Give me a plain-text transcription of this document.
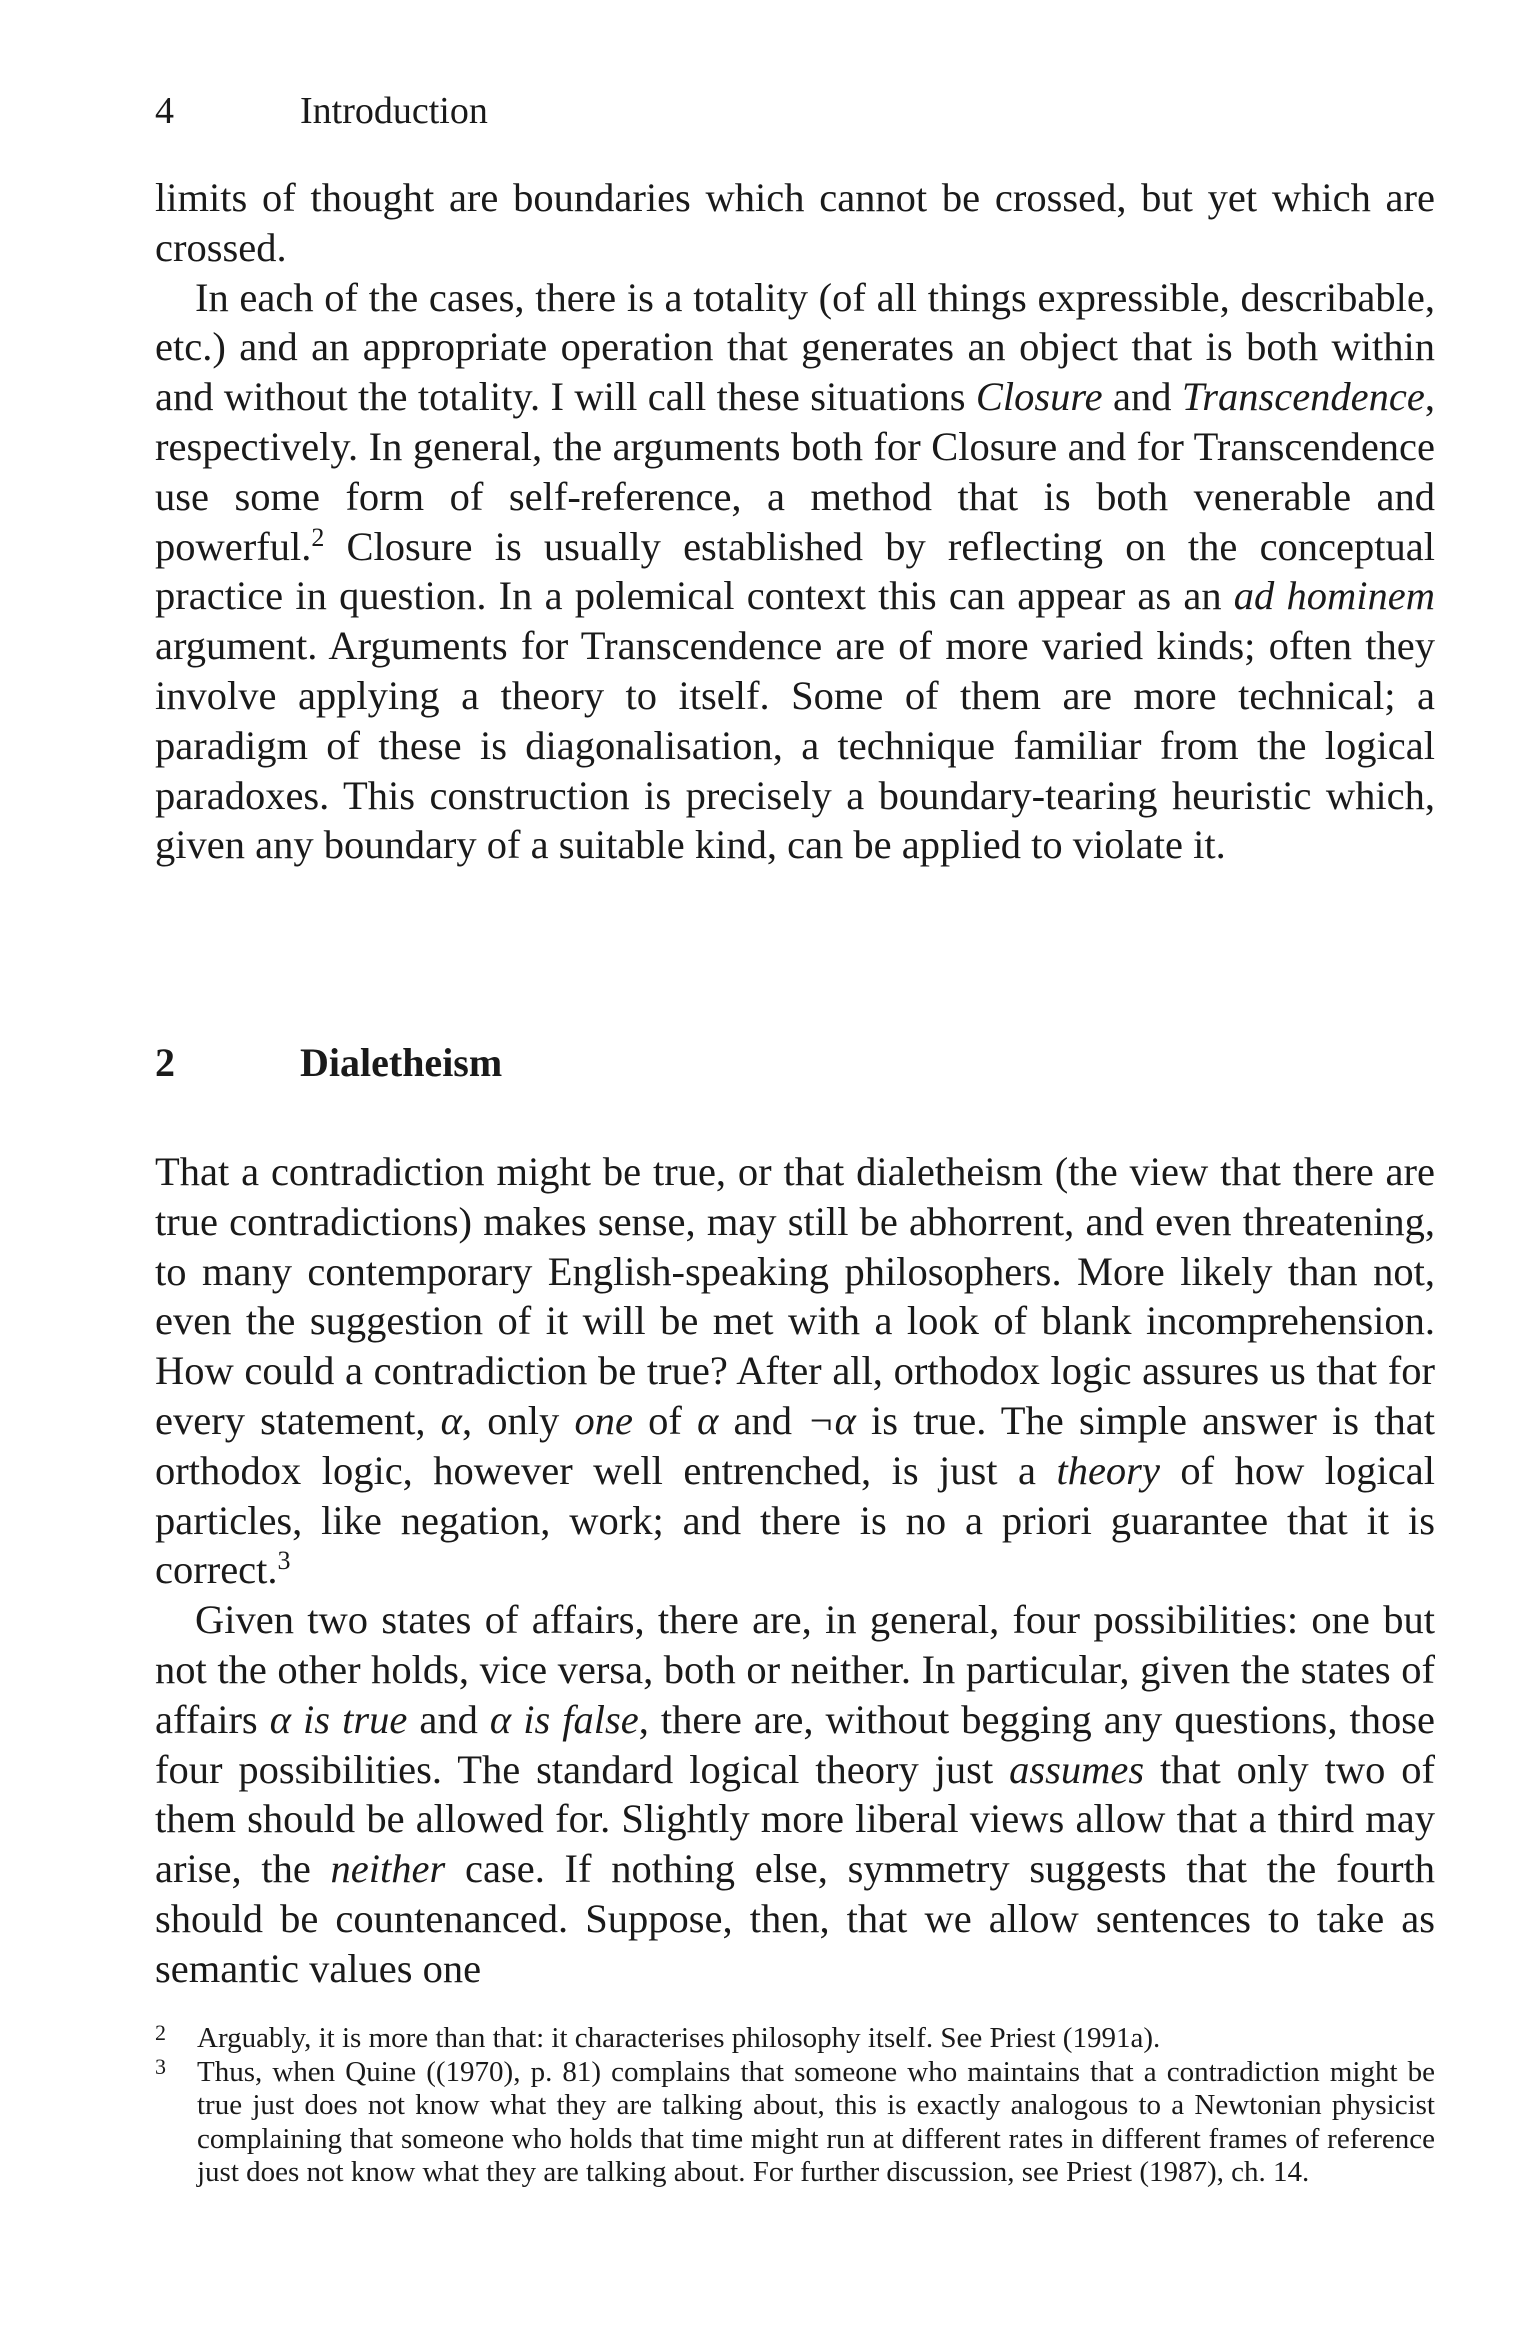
4	Introduction

limits of thought are boundaries which cannot be crossed, but yet which are crossed.

In each of the cases, there is a totality (of all things expressible, describable, etc.) and an appropriate operation that generates an object that is both within and without the totality. I will call these situations Closure and Transcendence, respectively. In general, the arguments both for Closure and for Transcendence use some form of self-reference, a method that is both venerable and powerful.$^2$ Closure is usually established by reflecting on the conceptual practice in question. In a polemical context this can appear as an ad hominem argument. Arguments for Transcendence are of more varied kinds; often they involve applying a theory to itself. Some of them are more technical; a paradigm of these is diagonalisation, a technique familiar from the logical paradoxes. This construction is precisely a boundary-tearing heuristic which, given any boundary of a suitable kind, can be applied to violate it.

2	Dialetheism

That a contradiction might be true, or that dialetheism (the view that there are true contradictions) makes sense, may still be abhorrent, and even threatening, to many contemporary English-speaking philosophers. More likely than not, even the suggestion of it will be met with a look of blank incomprehension. How could a contradiction be true? After all, orthodox logic assures us that for every statement, α, only one of α and ¬α is true. The simple answer is that orthodox logic, however well entrenched, is just a theory of how logical particles, like negation, work; and there is no a priori guarantee that it is correct.$^3$

Given two states of affairs, there are, in general, four possibilities: one but not the other holds, vice versa, both or neither. In particular, given the states of affairs α is true and α is false, there are, without begging any questions, those four possibilities. The standard logical theory just assumes that only two of them should be allowed for. Slightly more liberal views allow that a third may arise, the neither case. If nothing else, symmetry suggests that the fourth should be countenanced. Suppose, then, that we allow sentences to take as semantic values one

2 Arguably, it is more than that: it characterises philosophy itself. See Priest (1991a).

3 Thus, when Quine ((1970), p. 81) complains that someone who maintains that a contradiction might be true just does not know what they are talking about, this is exactly analogous to a Newtonian physicist complaining that someone who holds that time might run at different rates in different frames of reference just does not know what they are talking about. For further discussion, see Priest (1987), ch. 14.
